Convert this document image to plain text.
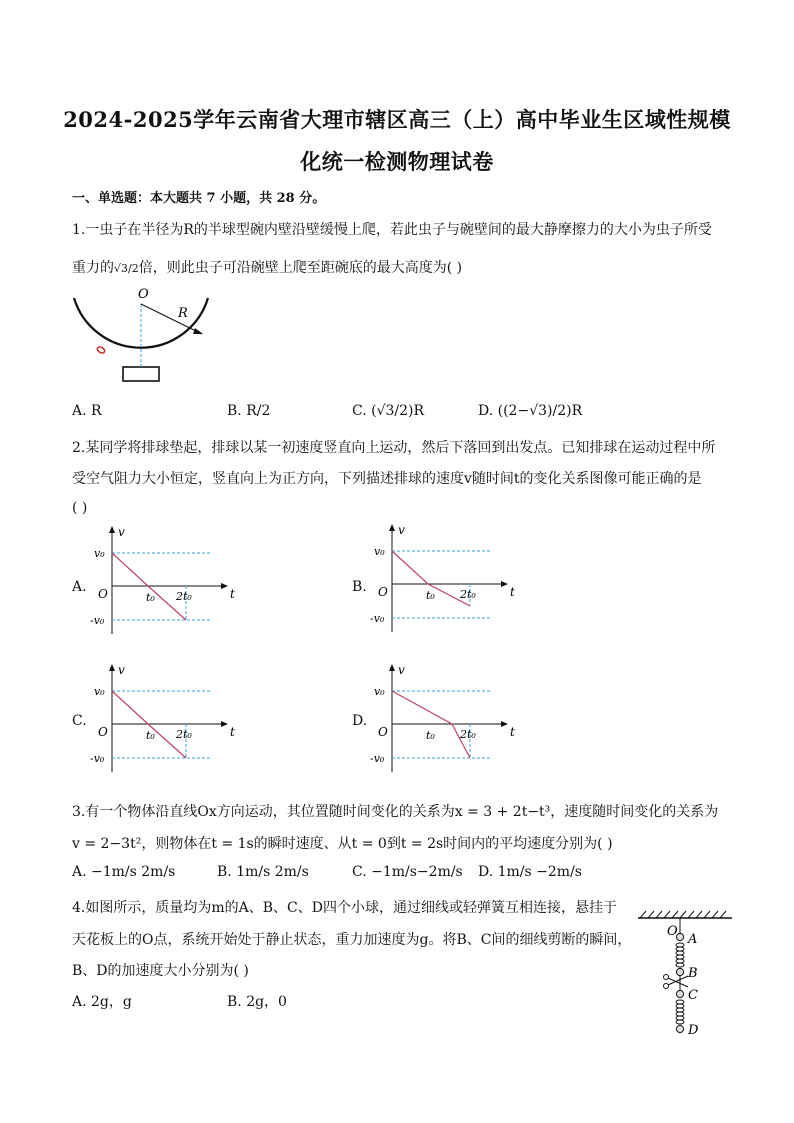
2024-2025学年云南省大理市辖区高三（上）高中毕业生区域性规模
化统一检测物理试卷
一、单选题：本大题共 7 小题，共 28 分。
1.一虫子在半径为R的半球型碗内壁沿壁缓慢上爬，若此虫子与碗壁间的最大静摩擦力的大小为虫子所受
重力的√3/2倍，则此虫子可沿碗壁上爬至距碗底的最大高度为( )
O
R
A. R	B. R/2	C. (√3/2)R	D. ((2−√3)/2)R
2.某同学将排球垫起，排球以某一初速度竖直向上运动，然后下落回到出发点。已知排球在运动过程中所
受空气阻力大小恒定，竖直向上为正方向，下列描述排球的速度v随时间t的变化关系图像可能正确的是
( )
A.	B.
C.	D.
v
t
O
v₀
-v₀
t₀ 2t₀
v
t
O
v₀
-v₀
t₀ 2t₀
v
t
O
v₀
-v₀
t₀ 2t₀
v
t
O
v₀
-v₀
t₀ 2t₀
3.有一个物体沿直线Ox方向运动，其位置随时间变化的关系为x = 3 + 2t−t³，速度随时间变化的关系为
v = 2−3t²，则物体在t = 1s的瞬时速度、从t = 0到t = 2s时间内的平均速度分别为( )
A. −1m/s 2m/s	B. 1m/s 2m/s	C. −1m/s−2m/s D. 1m/s −2m/s
4.如图所示，质量均为m的A、B、C、D四个小球，通过细线或轻弹簧互相连接，悬挂于
天花板上的O点，系统开始处于静止状态，重力加速度为g。将B、C间的细线剪断的瞬间，
B、D的加速度大小分别为( )
A. 2g，g	B. 2g，0
O
A
B
C
D
